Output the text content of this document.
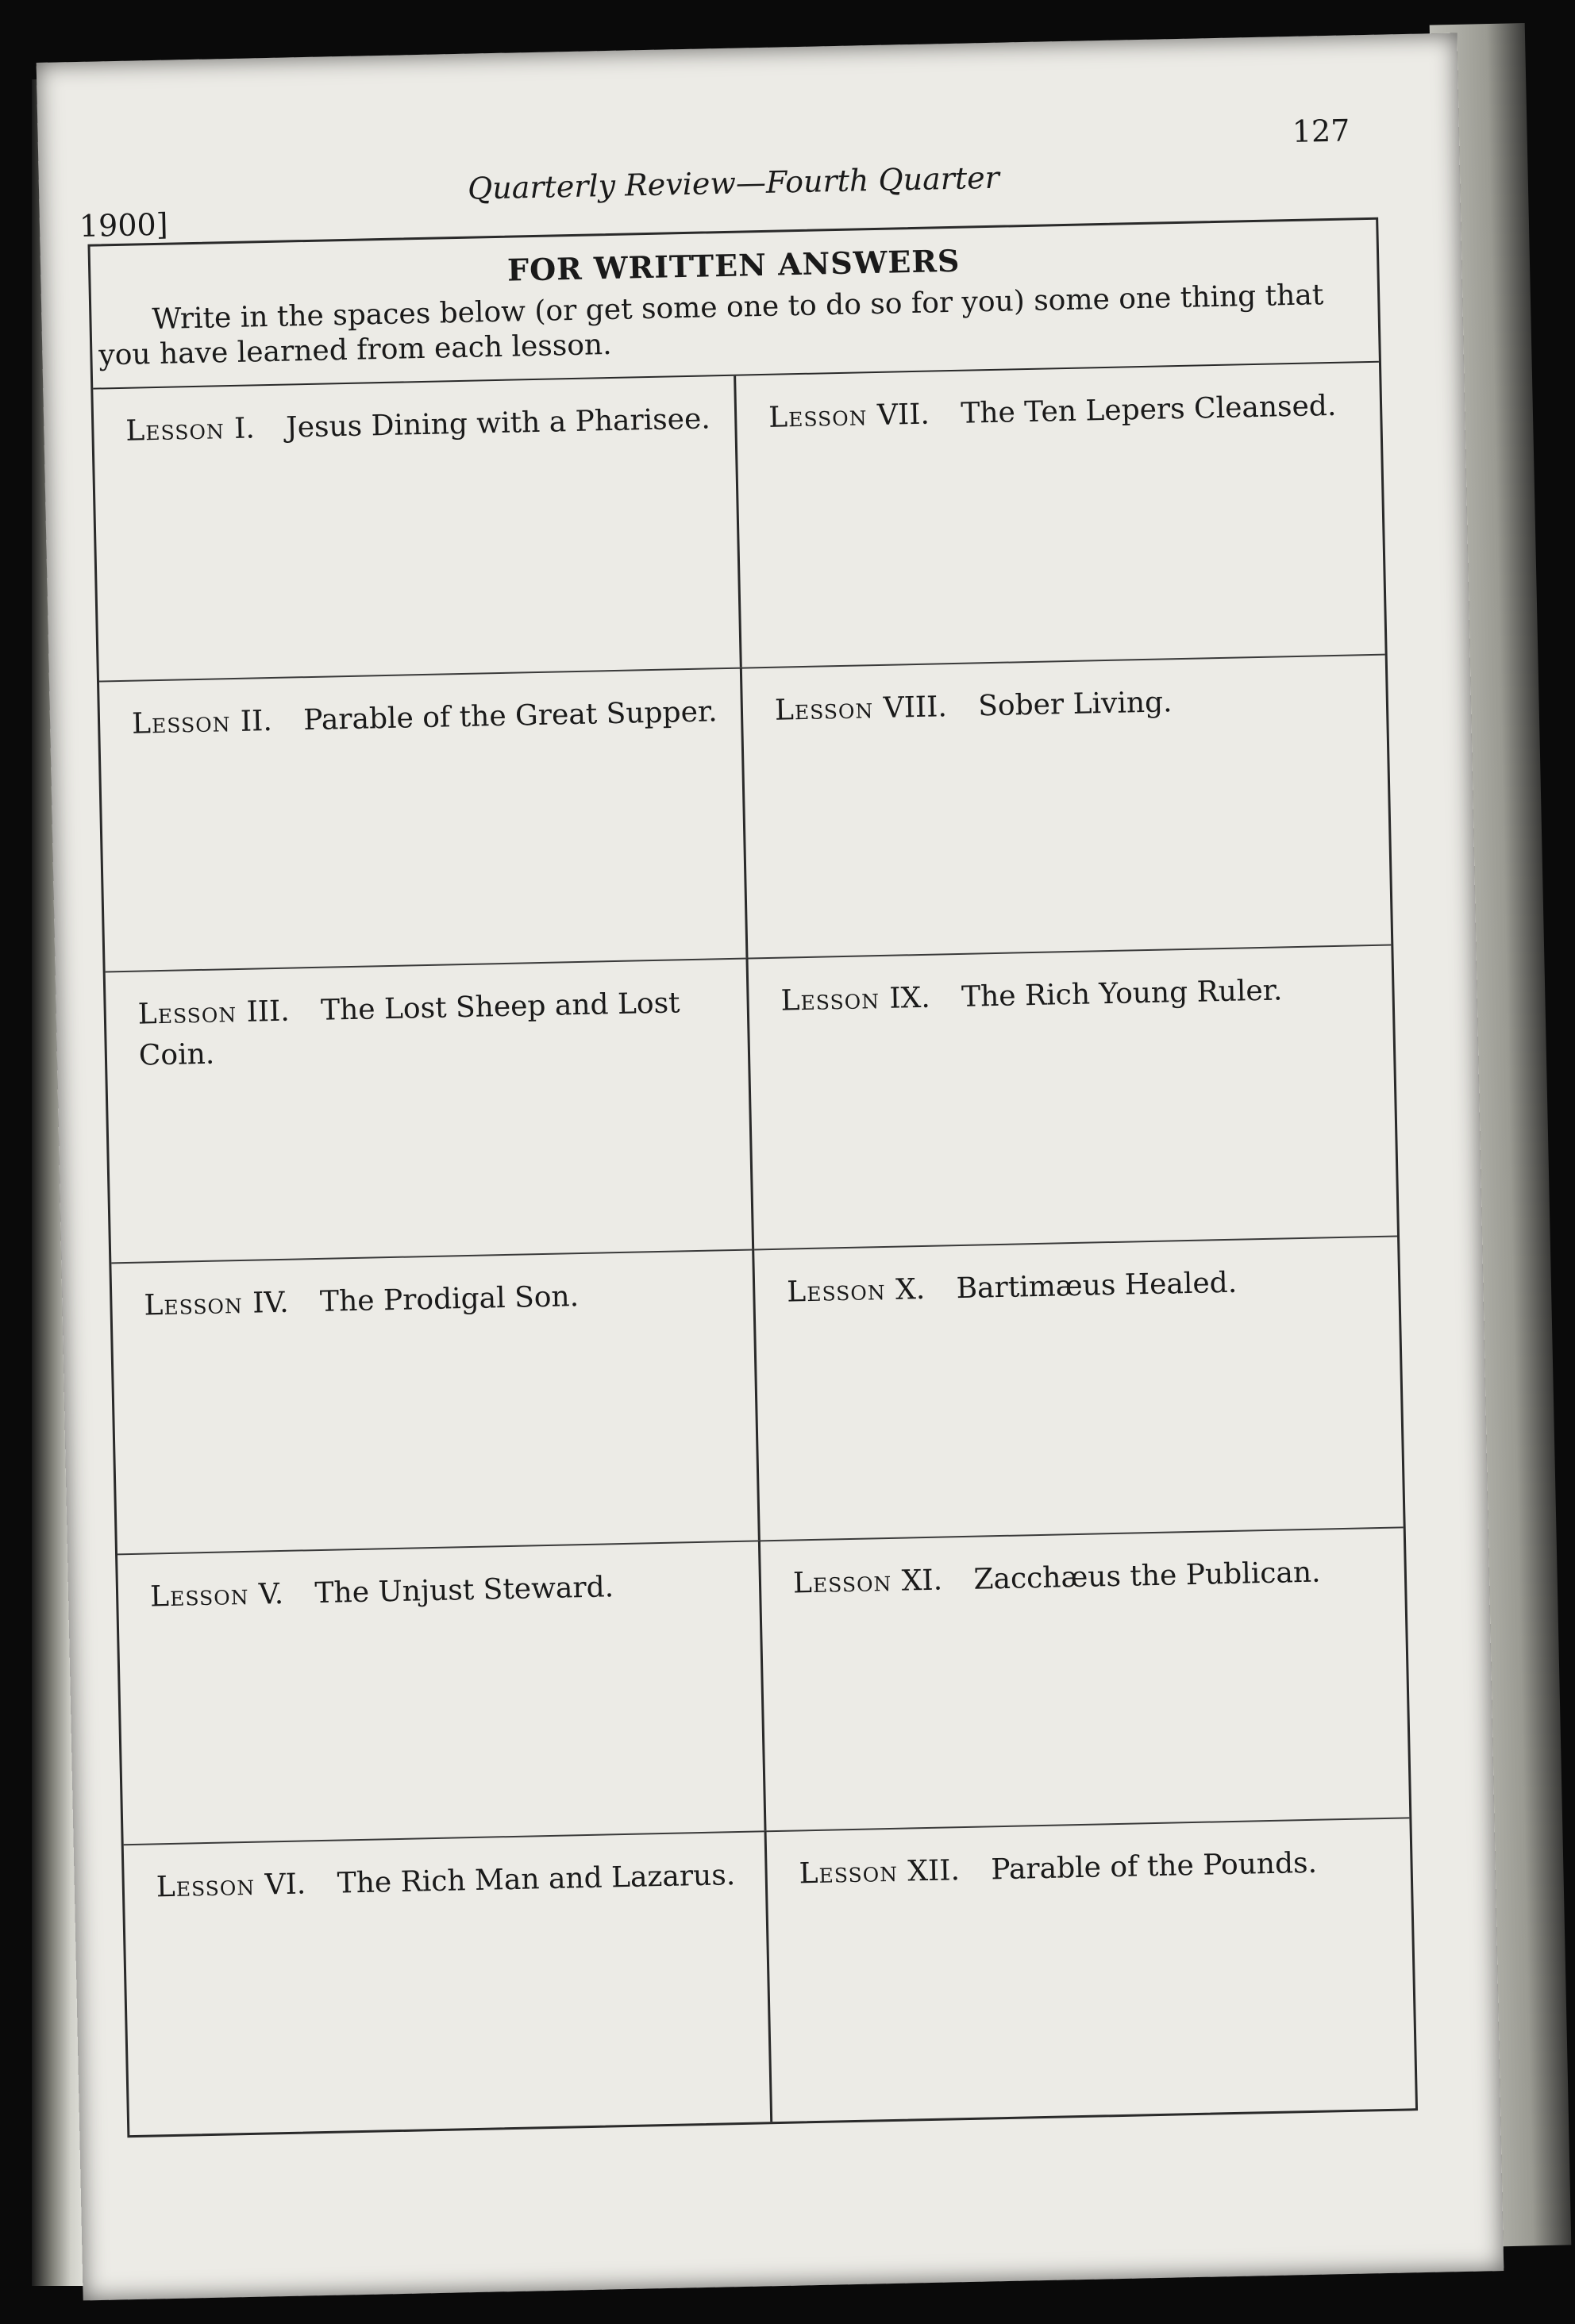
1900]
Quarterly Review—Fourth Quarter
127
FOR WRITTEN ANSWERS
Write in the spaces below (or get some one to do so for you) some one thing that you have learned from each lesson.
Lesson I. Jesus Dining with a Pharisee.
Lesson II. Parable of the Great Supper.
Lesson III. The Lost Sheep and Lost Coin.
Lesson IV. The Prodigal Son.
Lesson V. The Unjust Steward.
Lesson VI. The Rich Man and Lazarus.
Lesson VII. The Ten Lepers Cleansed.
Lesson VIII. Sober Living.
Lesson IX. The Rich Young Ruler.
Lesson X. Bartimæus Healed.
Lesson XI. Zacchæus the Publican.
Lesson XII. Parable of the Pounds.
